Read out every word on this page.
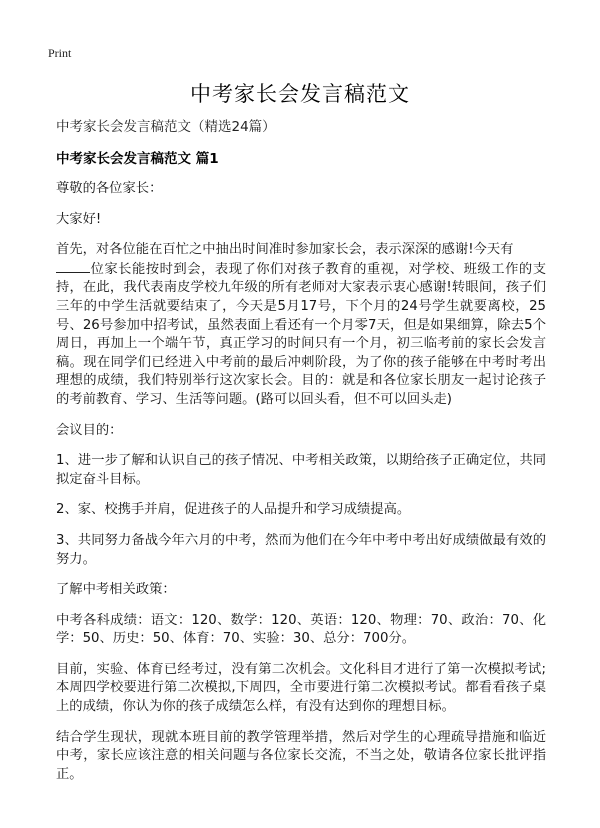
Print
中考家长会发言稿范文
中考家长会发言稿范文（精选24篇）
中考家长会发言稿范文 篇1

尊敬的各位家长：

大家好!

首先，对各位能在百忙之中抽出时间准时参加家长会，表示深深的感谢!今天有
位家长能按时到会，表现了你们对孩子教育的重视，对学校、班级工作的支持，在此，我代表南皮学校九年级的所有老师对大家表示衷心感谢!转眼间，孩子们三年的中学生活就要结束了，今天是5月17号，下个月的24号学生就要离校，25号、26号参加中招考试，虽然表面上看还有一个月零7天，但是如果细算，除去5个周日，再加上一个端午节，真正学习的时间只有一个月，初三临考前的家长会发言稿。现在同学们已经进入中考前的最后冲刺阶段，为了你的孩子能够在中考时考出理想的成绩，我们特别举行这次家长会。目的：就是和各位家长朋友一起讨论孩子的考前教育、学习、生活等问题。(路可以回头看，但不可以回头走)

会议目的：

1、进一步了解和认识自己的孩子情况、中考相关政策，以期给孩子正确定位，共同拟定奋斗目标。

2、家、校携手并肩，促进孩子的人品提升和学习成绩提高。

3、共同努力备战今年六月的中考，然而为他们在今年中考中考出好成绩做最有效的努力。

了解中考相关政策：

中考各科成绩：语文：120、数学：120、英语：120、物理：70、政治：70、化学：50、历史：50、体育：70、实验：30、总分：700分。

目前，实验、体育已经考过，没有第二次机会。文化科目才进行了第一次模拟考试;本周四学校要进行第二次模拟,下周四，全市要进行第二次模拟考试。都看看孩子桌上的成绩，你认为你的孩子成绩怎么样，有没有达到你的理想目标。

结合学生现状，现就本班目前的教学管理举措，然后对学生的心理疏导措施和临近中考，家长应该注意的相关问题与各位家长交流，不当之处，敬请各位家长批评指正。
